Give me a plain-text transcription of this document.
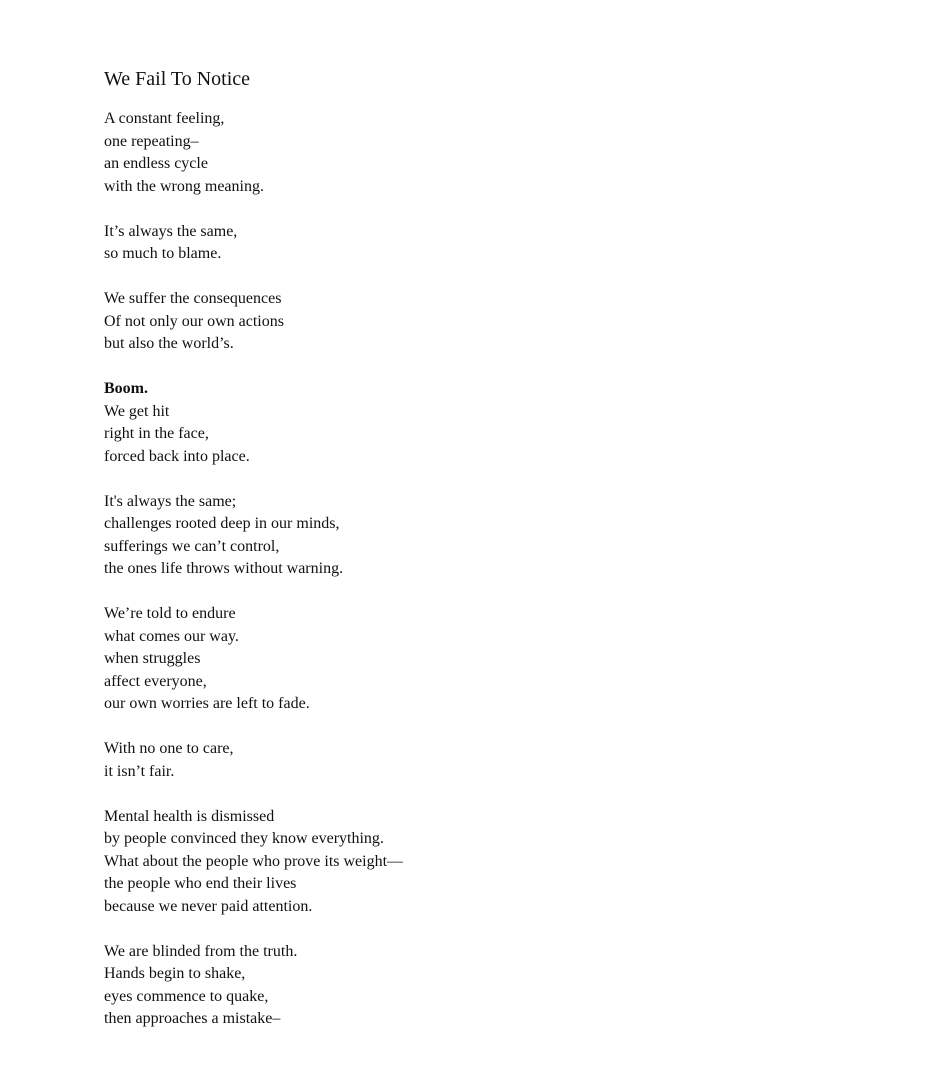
We Fail To Notice
A constant feeling,
one repeating–
an endless cycle
with the wrong meaning.
It’s always the same,
so much to blame.
We suffer the consequences
Of not only our own actions
but also the world’s.
Boom.
We get hit
right in the face,
forced back into place.
It's always the same;
challenges rooted deep in our minds,
sufferings we can’t control,
the ones life throws without warning.
We’re told to endure
what comes our way.
when struggles
affect everyone,
our own worries are left to fade.
With no one to care,
it isn’t fair.
Mental health is dismissed
by people convinced they know everything.
What about the people who prove its weight—
the people who end their lives
because we never paid attention.
We are blinded from the truth.
Hands begin to shake,
eyes commence to quake,
then approaches a mistake–
